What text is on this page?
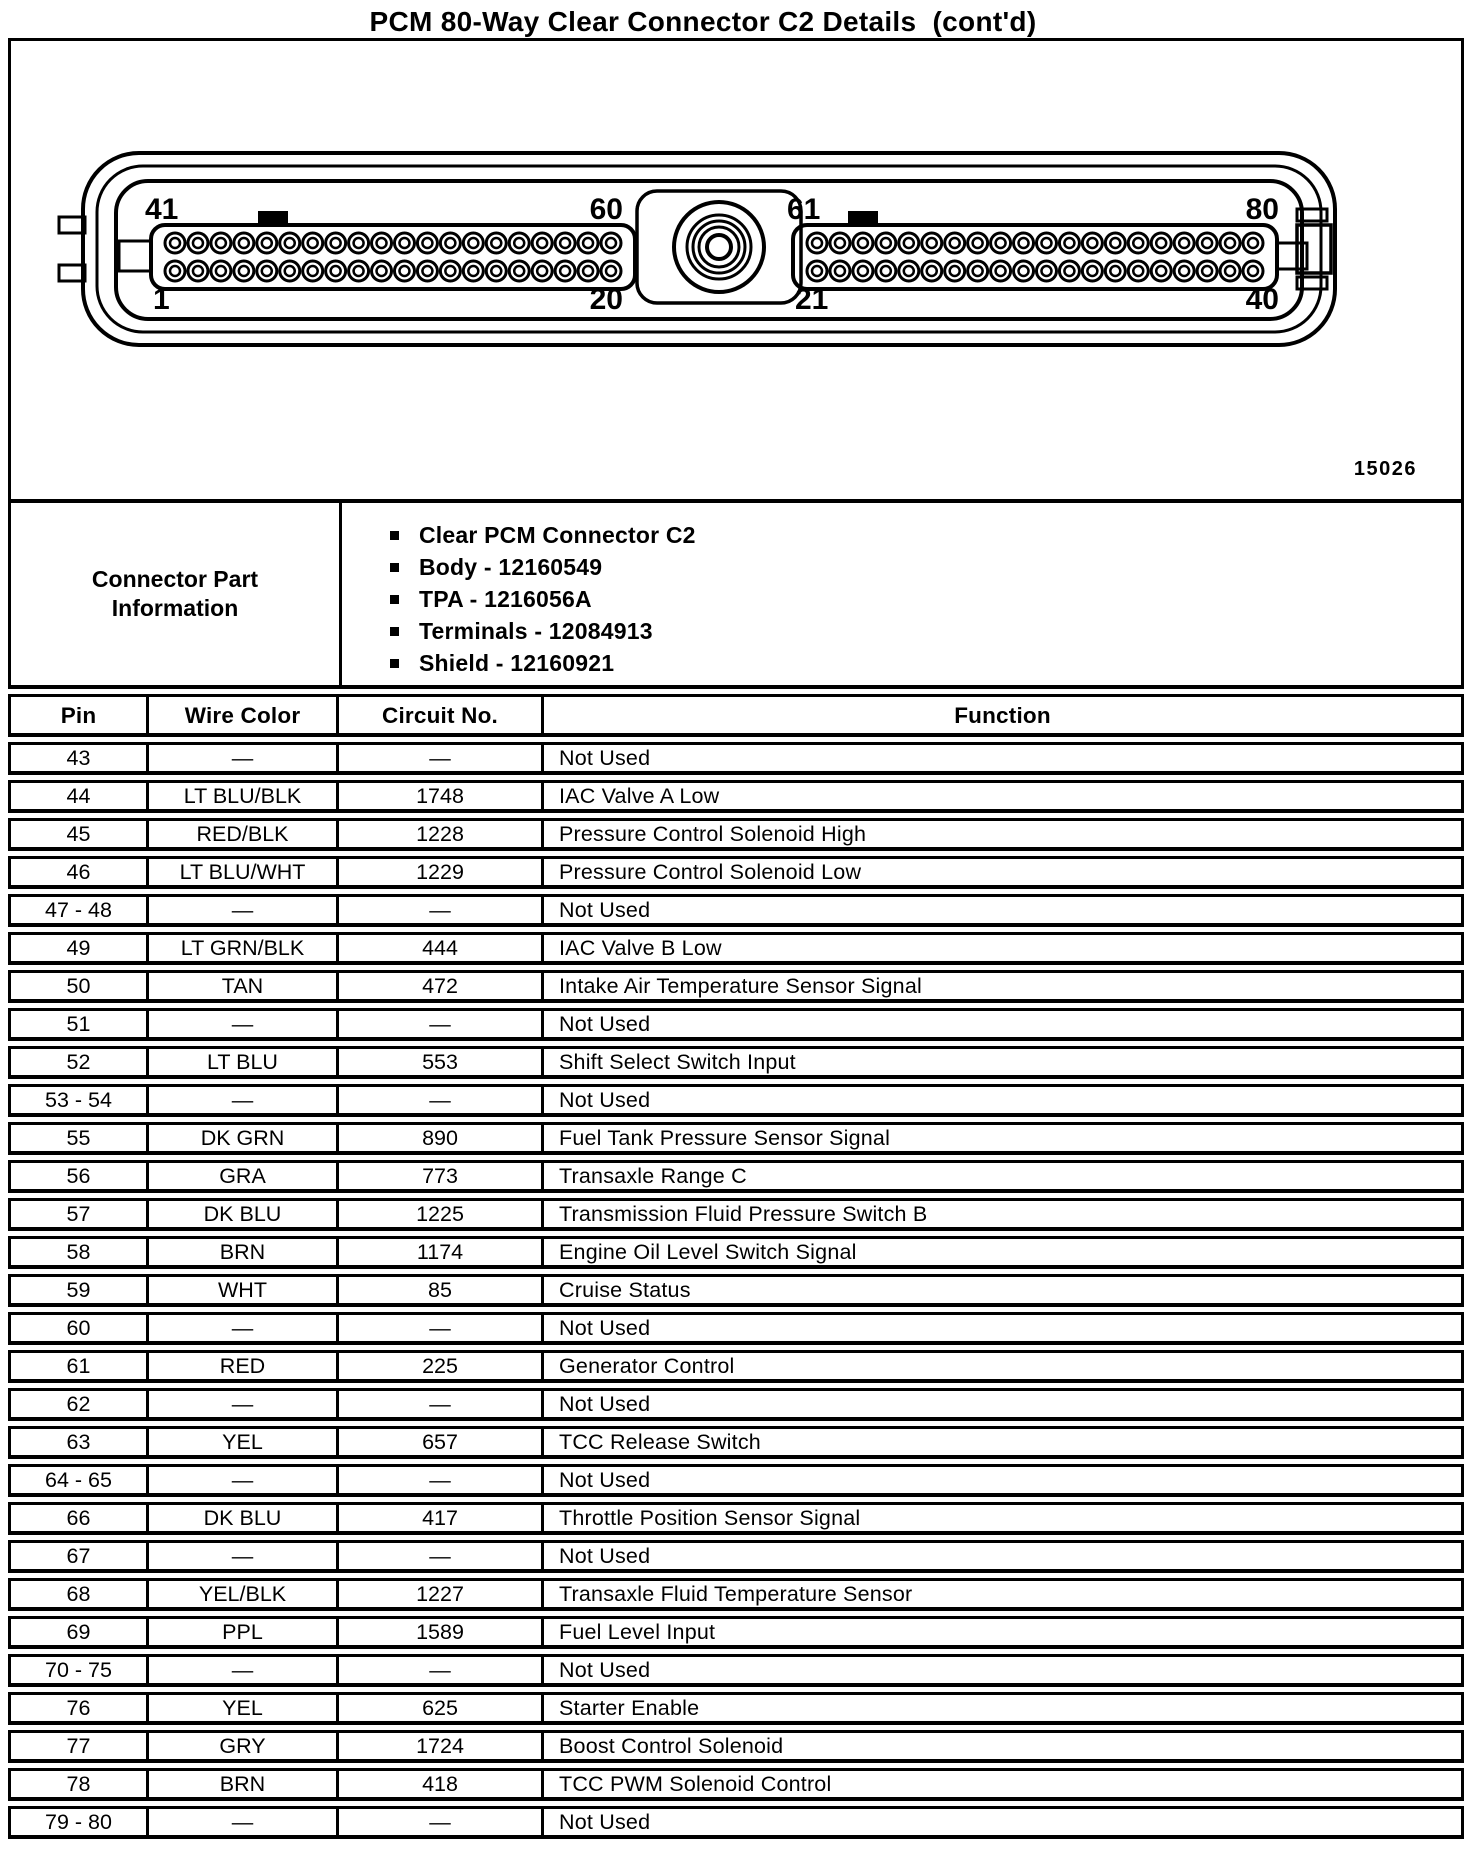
PCM 80-Way Clear Connector C2 Details  (cont'd)
41	60
1	20
61	80
21	40
15026
Connector Part Information
Clear PCM Connector C2
Body - 12160549
TPA - 1216056A
Terminals - 12084913
Shield - 12160921
Pin	Wire Color	Circuit No.	Function
43	—	—	Not Used
44	LT BLU/BLK	1748	IAC Valve A Low
45	RED/BLK	1228	Pressure Control Solenoid High
46	LT BLU/WHT	1229	Pressure Control Solenoid Low
47 - 48	—	—	Not Used
49	LT GRN/BLK	444	IAC Valve B Low
50	TAN	472	Intake Air Temperature Sensor Signal
51	—	—	Not Used
52	LT BLU	553	Shift Select Switch Input
53 - 54	—	—	Not Used
55	DK GRN	890	Fuel Tank Pressure Sensor Signal
56	GRA	773	Transaxle Range C
57	DK BLU	1225	Transmission Fluid Pressure Switch B
58	BRN	1174	Engine Oil Level Switch Signal
59	WHT	85	Cruise Status
60	—	—	Not Used
61	RED	225	Generator Control
62	—	—	Not Used
63	YEL	657	TCC Release Switch
64 - 65	—	—	Not Used
66	DK BLU	417	Throttle Position Sensor Signal
67	—	—	Not Used
68	YEL/BLK	1227	Transaxle Fluid Temperature Sensor
69	PPL	1589	Fuel Level Input
70 - 75	—	—	Not Used
76	YEL	625	Starter Enable
77	GRY	1724	Boost Control Solenoid
78	BRN	418	TCC PWM Solenoid Control
79 - 80	—	—	Not Used
